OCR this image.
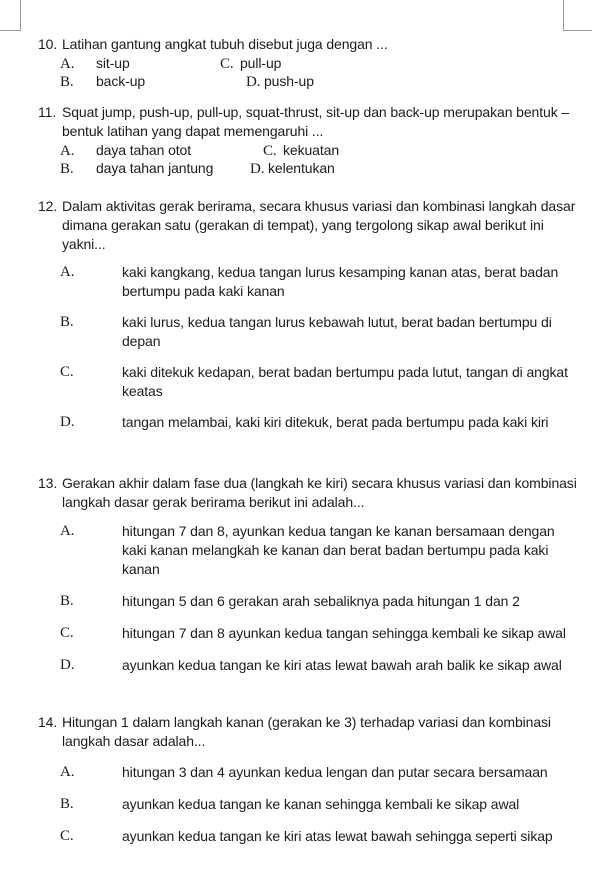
10. Latihan gantung angkat tubuh disebut juga dengan ...
A. sit-up	C. pull-up
B. back-up	D. push-up
11. Squat jump, push-up, pull-up, squat-thrust, sit-up dan back-up merupakan bentuk – bentuk latihan yang dapat memengaruhi ...
A. daya tahan otot	C. kekuatan
B. daya tahan jantung D. kelentukan
12. Dalam aktivitas gerak berirama, secara khusus variasi dan kombinasi langkah dasar dimana gerakan satu (gerakan di tempat), yang tergolong sikap awal berikut ini yakni...
A.	kaki kangkang, kedua tangan lurus kesamping kanan atas, berat badan bertumpu pada kaki kanan
B.	kaki lurus, kedua tangan lurus kebawah lutut, berat badan bertumpu di depan
C.	kaki ditekuk kedapan, berat badan bertumpu pada lutut, tangan di angkat keatas
D.	tangan melambai, kaki kiri ditekuk, berat pada bertumpu pada kaki kiri
13. Gerakan akhir dalam fase dua (langkah ke kiri) secara khusus variasi dan kombinasi langkah dasar gerak berirama berikut ini adalah...
A.	hitungan 7 dan 8, ayunkan kedua tangan ke kanan bersamaan dengan kaki kanan melangkah ke kanan dan berat badan bertumpu pada kaki kanan
B.	hitungan 5 dan 6 gerakan arah sebaliknya pada hitungan 1 dan 2
C.	hitungan 7 dan 8 ayunkan kedua tangan sehingga kembali ke sikap awal
D.	ayunkan kedua tangan ke kiri atas lewat bawah arah balik ke sikap awal
14. Hitungan 1 dalam langkah kanan (gerakan ke 3) terhadap variasi dan kombinasi langkah dasar adalah...
A.	hitungan 3 dan 4 ayunkan kedua lengan dan putar secara bersamaan
B.	ayunkan kedua tangan ke kanan sehingga kembali ke sikap awal
C.	ayunkan kedua tangan ke kiri atas lewat bawah sehingga seperti sikap
